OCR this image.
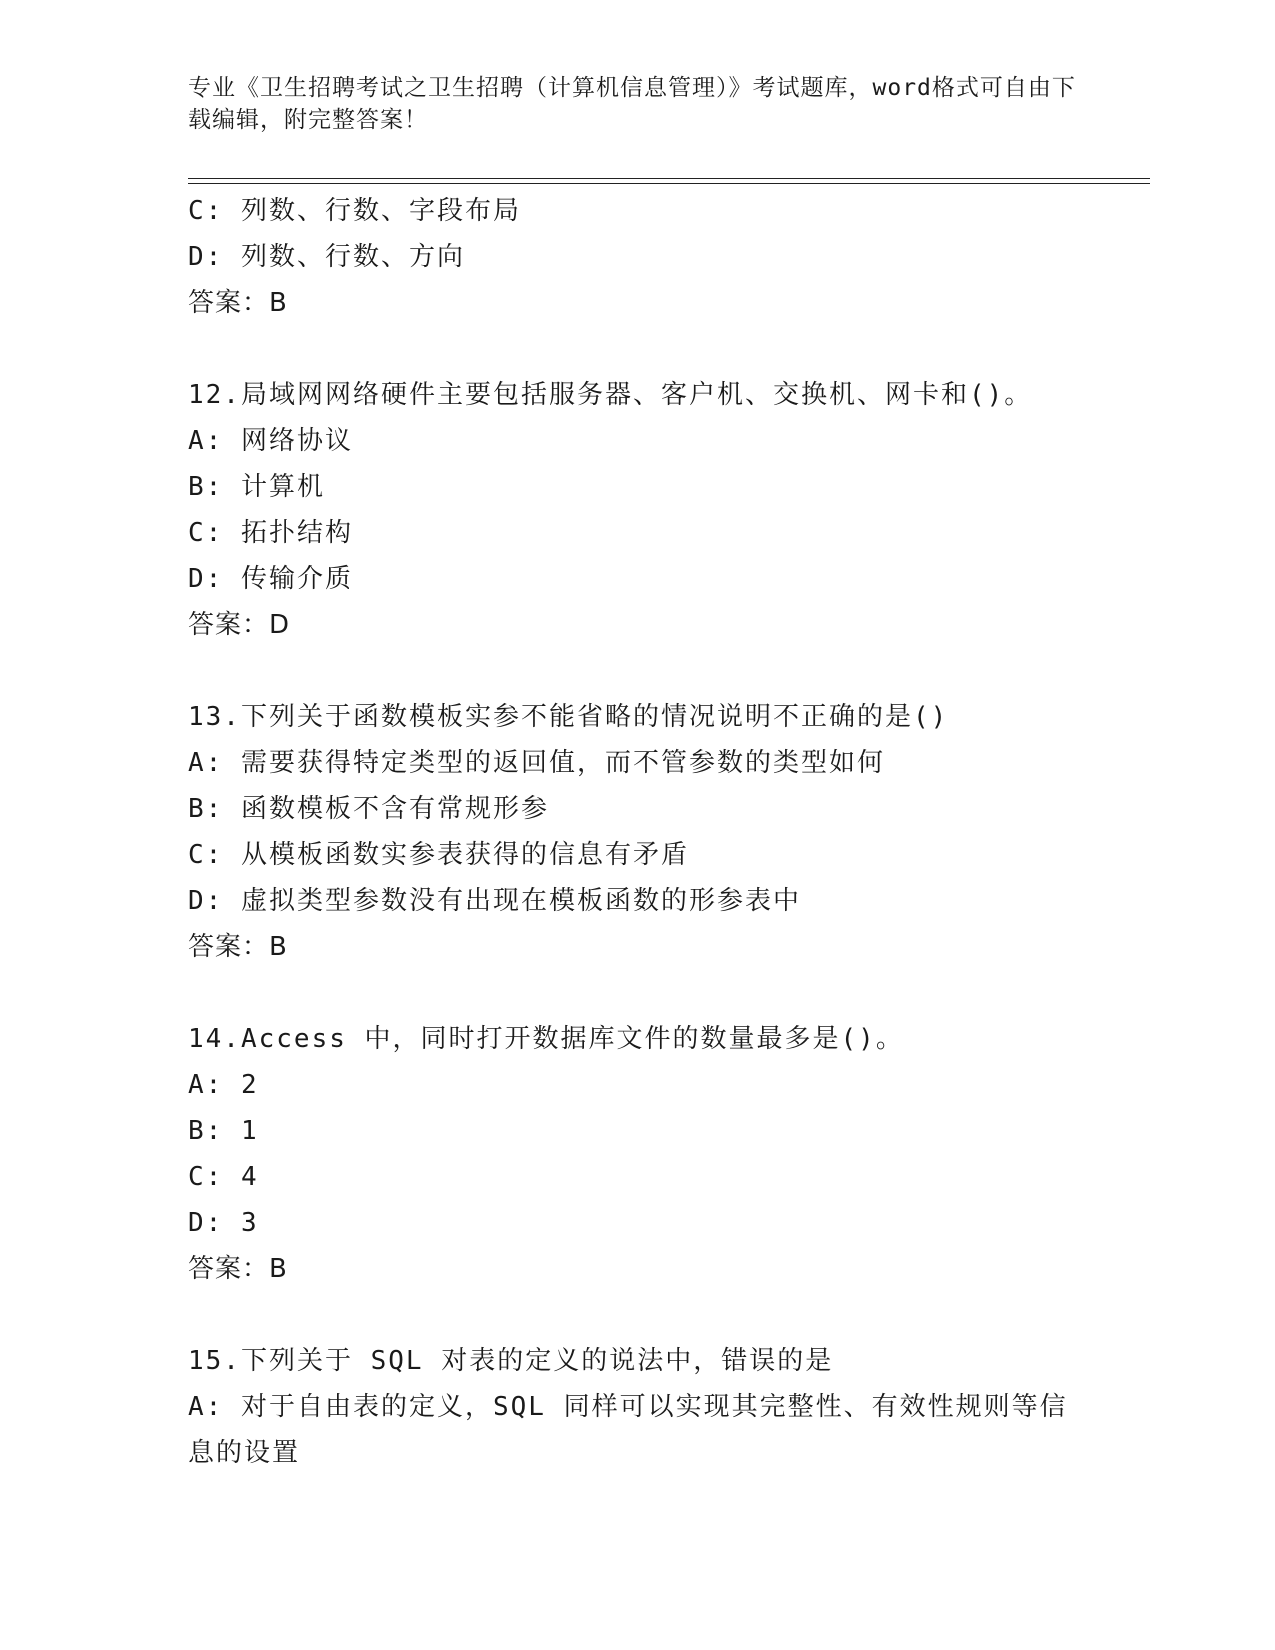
专业《卫生招聘考试之卫生招聘（计算机信息管理）》考试题库，word格式可自由下载编辑，附完整答案！
C: 列数、行数、字段布局
D: 列数、行数、方向
答案：B
12.局域网网络硬件主要包括服务器、客户机、交换机、网卡和()。
A: 网络协议
B: 计算机
C: 拓扑结构
D: 传输介质
答案：D
13.下列关于函数模板实参不能省略的情况说明不正确的是()
A: 需要获得特定类型的返回值，而不管参数的类型如何
B: 函数模板不含有常规形参
C: 从模板函数实参表获得的信息有矛盾
D: 虚拟类型参数没有出现在模板函数的形参表中
答案：B
14.Access 中，同时打开数据库文件的数量最多是()。
A: 2
B: 1
C: 4
D: 3
答案：B
15.下列关于 SQL 对表的定义的说法中，错误的是
A: 对于自由表的定义，SQL 同样可以实现其完整性、有效性规则等信息的设置
